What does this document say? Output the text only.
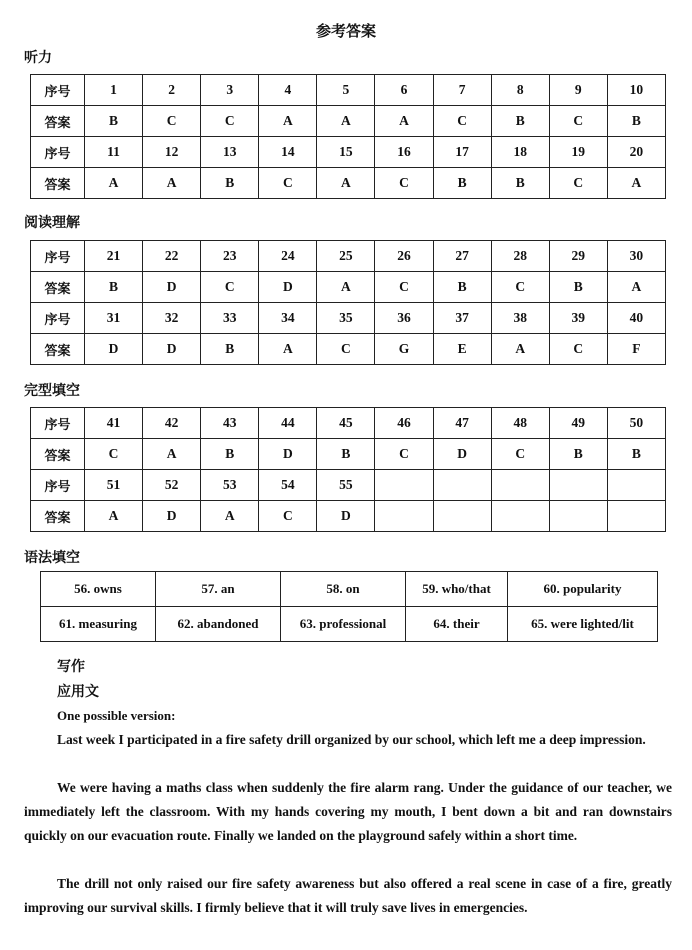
参考答案
听力
序号	1	2	3	4	5	6	7	8	9	10
答案	B	C	C	A	A	A	C	B	C	B
序号	11	12	13	14	15	16	17	18	19	20
答案	A	A	B	C	A	C	B	B	C	A
阅读理解
序号	21	22	23	24	25	26	27	28	29	30
答案	B	D	C	D	A	C	B	C	B	A
序号	31	32	33	34	35	36	37	38	39	40
答案	D	D	B	A	C	G	E	A	C	F
完型填空
序号	41	42	43	44	45	46	47	48	49	50
答案	C	A	B	D	B	C	D	C	B	B
序号	51	52	53	54	55					
答案	A	D	A	C	D					
语法填空
56. owns	57. an	58. on	59. who/that	60. popularity
61. measuring	62. abandoned	63. professional	64. their	65. were lighted/lit
写作
应用文
One possible version:

Last week I participated in a fire safety drill organized by our school, which left me a deep impression.

We were having a maths class when suddenly the fire alarm rang. Under the guidance of our teacher, we immediately left the classroom. With my hands covering my mouth, I bent down a bit and ran downstairs quickly on our evacuation route. Finally we landed on the playground safely within a short time.

The drill not only raised our fire safety awareness but also offered a real scene in case of a fire, greatly improving our survival skills. I firmly believe that it will truly save lives in emergencies.
